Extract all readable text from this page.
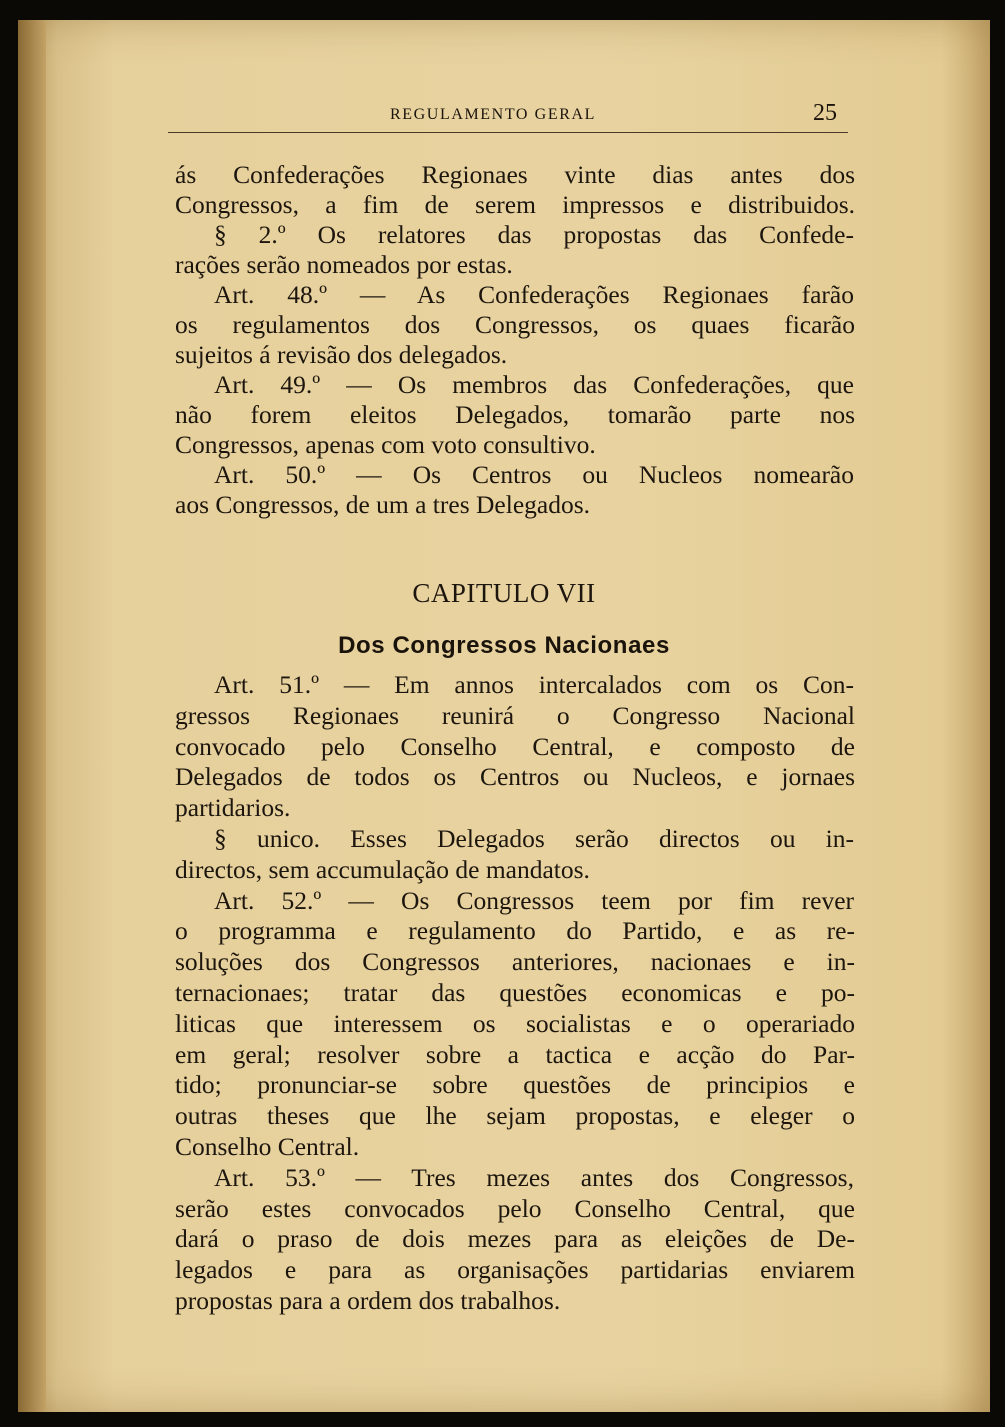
REGULAMENTO GERAL	25
ás Confederações Regionaes vinte dias antes dos
Congressos, a fim de serem impressos e distribuidos.
§ 2.º Os relatores das propostas das Confede-
rações serão nomeados por estas.
Art. 48.º — As Confederações Regionaes farão
os regulamentos dos Congressos, os quaes ficarão
sujeitos á revisão dos delegados.
Art. 49.º — Os membros das Confederações, que
não forem eleitos Delegados, tomarão parte nos
Congressos, apenas com voto consultivo.
Art. 50.º — Os Centros ou Nucleos nomearão
aos Congressos, de um a tres Delegados.
CAPITULO VII
Dos Congressos Nacionaes
Art. 51.º — Em annos intercalados com os Con-
gressos Regionaes reunirá o Congresso Nacional
convocado pelo Conselho Central, e composto de
Delegados de todos os Centros ou Nucleos, e jornaes
partidarios.
§ unico. Esses Delegados serão directos ou in-
directos, sem accumulação de mandatos.
Art. 52.º — Os Congressos teem por fim rever
o programma e regulamento do Partido, e as re-
soluções dos Congressos anteriores, nacionaes e in-
ternacionaes; tratar das questões economicas e po-
liticas que interessem os socialistas e o operariado
em geral; resolver sobre a tactica e acção do Par-
tido; pronunciar-se sobre questões de principios e
outras theses que lhe sejam propostas, e eleger o
Conselho Central.
Art. 53.º — Tres mezes antes dos Congressos,
serão estes convocados pelo Conselho Central, que
dará o praso de dois mezes para as eleições de De-
legados e para as organisações partidarias enviarem
propostas para a ordem dos trabalhos.
